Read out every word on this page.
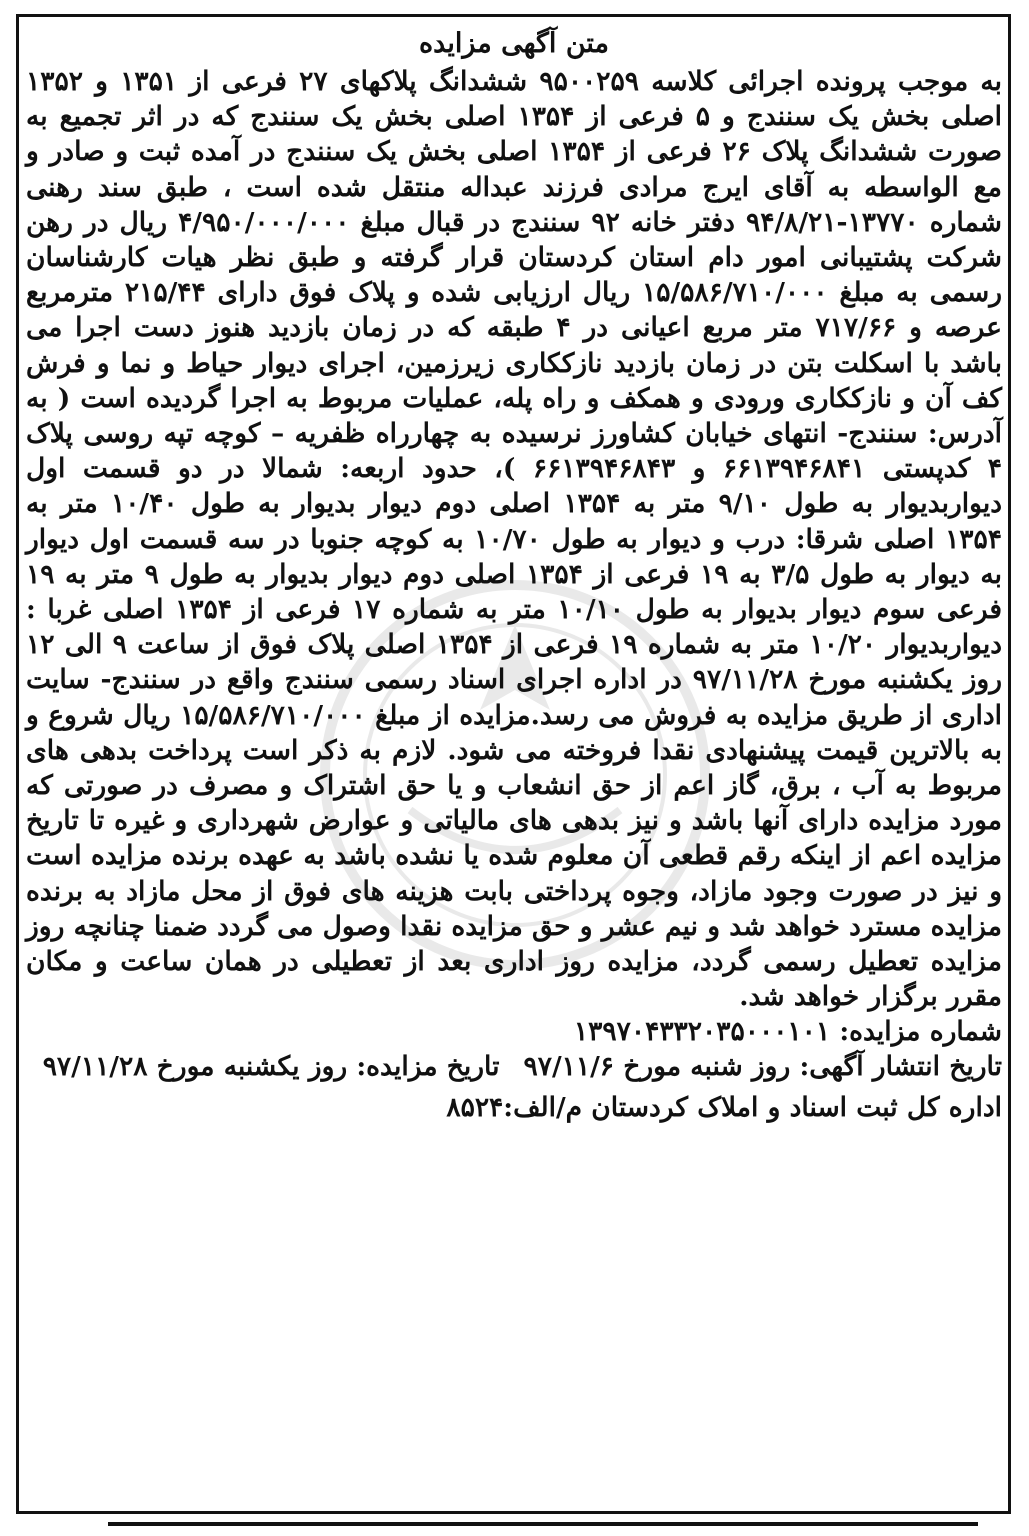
متن آگهی مزایده

به موجب پرونده اجرائی کلاسه ۹۵۰۰۲۵۹ ششدانگ پلاکهای ۲۷ فرعی از ۱۳۵۱ و ۱۳۵۲ اصلی بخش یک سنندج و ۵ فرعی از ۱۳۵۴ اصلی بخش یک سنندج که در اثر تجمیع به صورت ششدانگ پلاک ۲۶ فرعی از ۱۳۵۴ اصلی بخش یک سنندج در آمده ثبت و صادر و مع الواسطه به آقای ایرج مرادی فرزند عبداله منتقل شده است ، طبق سند رهنی شماره ۱۳۷۷۰-۹۴/۸/۲۱ دفتر خانه ۹۲ سنندج در قبال مبلغ ۴/۹۵۰/۰۰۰/۰۰۰ ریال در رهن شرکت پشتیبانی امور دام استان کردستان قرار گرفته و طبق نظر هیات کارشناسان رسمی به مبلغ ۱۵/۵۸۶/۷۱۰/۰۰۰ ریال ارزیابی شده و پلاک فوق دارای ۲۱۵/۴۴ مترمربع عرصه و ۷۱۷/۶۶ متر مربع اعیانی در ۴ طبقه که در زمان بازدید هنوز دست اجرا می باشد با اسکلت بتن در زمان بازدید نازککاری زیرزمین، اجرای دیوار حیاط و نما و فرش کف آن و نازککاری ورودی و همکف و راه پله، عملیات مربوط به اجرا گردیده است ( به آدرس: سنندج- انتهای خیابان کشاورز نرسیده به چهارراه ظفریه – کوچه تپه روسی پلاک ۴ کدپستی ۶۶۱۳۹۴۶۸۴۱ و ۶۶۱۳۹۴۶۸۴۳ )، حدود اربعه: شمالا در دو قسمت اول دیواربدیوار به طول ۹/۱۰ متر به ۱۳۵۴ اصلی دوم دیوار بدیوار به طول ۱۰/۴۰ متر به ۱۳۵۴ اصلی شرقا: درب و دیوار به طول ۱۰/۷۰ به کوچه جنوبا در سه قسمت اول دیوار به دیوار به طول ۳/۵ به ۱۹ فرعی از ۱۳۵۴ اصلی دوم دیوار بدیوار به طول ۹ متر به ۱۹ فرعی سوم دیوار بدیوار به طول ۱۰/۱۰ متر به شماره ۱۷ فرعی از ۱۳۵۴ اصلی غربا : دیواربدیوار ۱۰/۲۰ متر به شماره ۱۹ فرعی از ۱۳۵۴ اصلی پلاک فوق از ساعت ۹ الی ۱۲ روز یکشنبه مورخ ۹۷/۱۱/۲۸ در اداره اجرای اسناد رسمی سنندج واقع در سنندج- سایت اداری از طریق مزایده به فروش می رسد.مزایده از مبلغ ۱۵/۵۸۶/۷۱۰/۰۰۰ ریال شروع و به بالاترین قیمت پیشنهادی نقدا فروخته می شود. لازم به ذکر است پرداخت بدهی های مربوط به آب ، برق، گاز اعم از حق انشعاب و یا حق اشتراک و مصرف در صورتی که مورد مزایده دارای آنها باشد و نیز بدهی های مالیاتی و عوارض شهرداری و غیره تا تاریخ مزایده اعم از اینکه رقم قطعی آن معلوم شده یا نشده باشد به عهده برنده مزایده است و نیز در صورت وجود مازاد، وجوه پرداختی بابت هزینه های فوق از محل مازاد به برنده مزایده مسترد خواهد شد و نیم عشر و حق مزایده نقدا وصول می گردد ضمنا چنانچه روز مزایده تعطیل رسمی گردد، مزایده روز اداری بعد از تعطیلی در همان ساعت و مکان مقرر برگزار خواهد شد.

شماره مزایده: ۱۳۹۷۰۴۳۳۲۰۳۵۰۰۰۱۰۱

تاریخ انتشار آگهی: روز شنبه مورخ ۹۷/۱۱/۶تاریخ مزایده: روز یکشنبه مورخ ۹۷/۱۱/۲۸

اداره کل ثبت اسناد و املاک کردستان م/الف:۸۵۲۴
